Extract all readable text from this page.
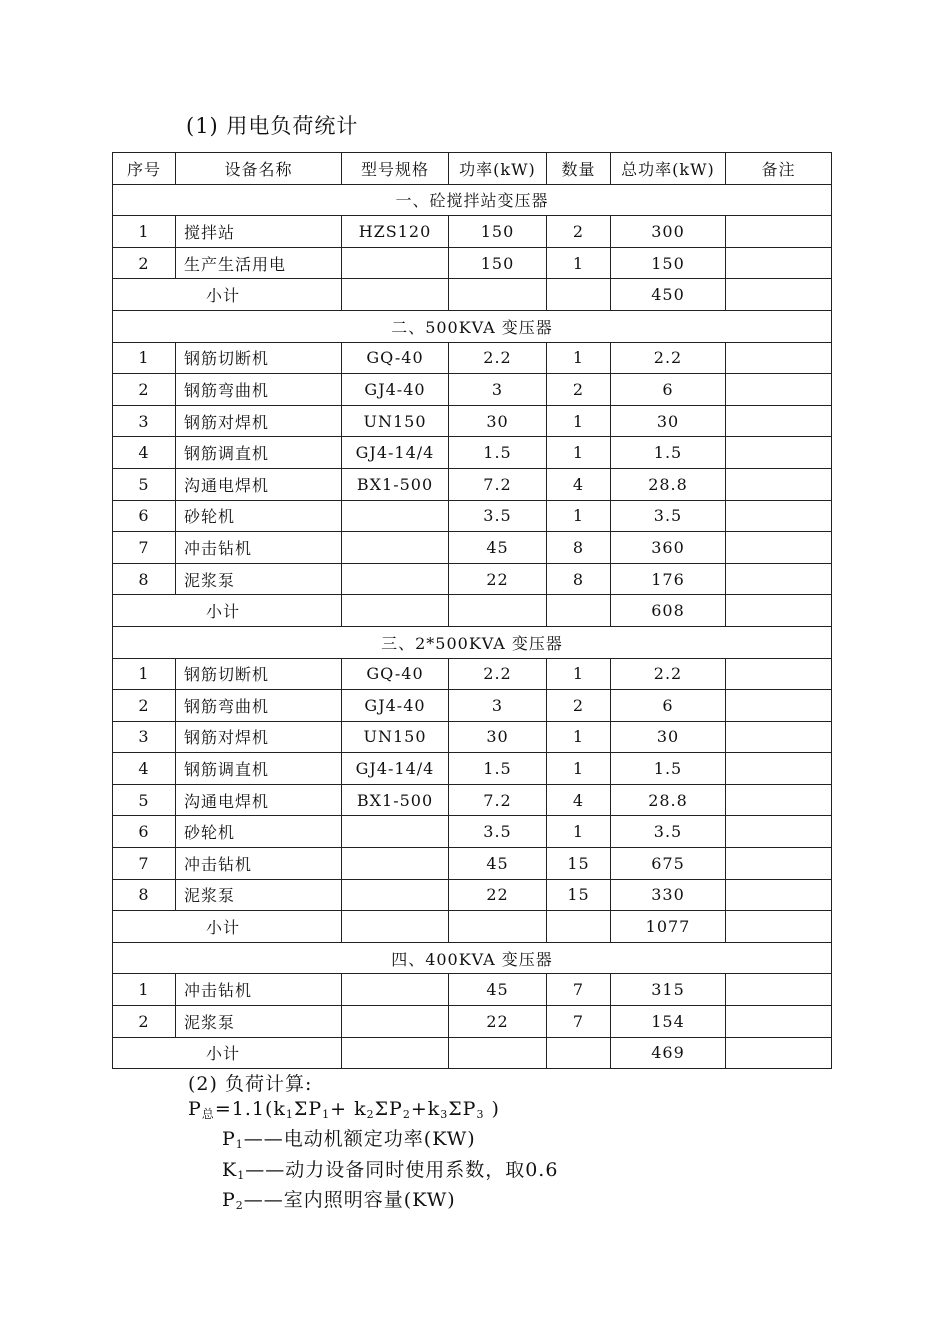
(1) 用电负荷统计
序号	设备名称	型号规格	功率(kW)	数量	总功率(kW)	备注
一、砼搅拌站变压器						
1	搅拌站	HZS120	150	2	300	
2	生产生活用电		150	1	150	
小计					450	
二、500KVA 变压器						
1	钢筋切断机	GQ-40	2.2	1	2.2	
2	钢筋弯曲机	GJ4-40	3	2	6	
3	钢筋对焊机	UN150	30	1	30	
4	钢筋调直机	GJ4-14/4	1.5	1	1.5	
5	沟通电焊机	BX1-500	7.2	4	28.8	
6	砂轮机		3.5	1	3.5	
7	冲击钻机		45	8	360	
8	泥浆泵		22	8	176	
小计					608	
三、2*500KVA 变压器						
1	钢筋切断机	GQ-40	2.2	1	2.2	
2	钢筋弯曲机	GJ4-40	3	2	6	
3	钢筋对焊机	UN150	30	1	30	
4	钢筋调直机	GJ4-14/4	1.5	1	1.5	
5	沟通电焊机	BX1-500	7.2	4	28.8	
6	砂轮机		3.5	1	3.5	
7	冲击钻机		45	15	675	
8	泥浆泵		22	15	330	
小计					1077	
四、400KVA 变压器						
1	冲击钻机		45	7	315	
2	泥浆泵		22	7	154	
小计					469	
(2) 负荷计算:
$P_总=1.1(k_1\Sigma P_1+ k_2\Sigma P_2+k_3\Sigma P_3$ )
$P_1——$电动机额定功率(KW)
$K_1——$动力设备同时使用系数，取0.6
$P_2——$室内照明容量(KW)
